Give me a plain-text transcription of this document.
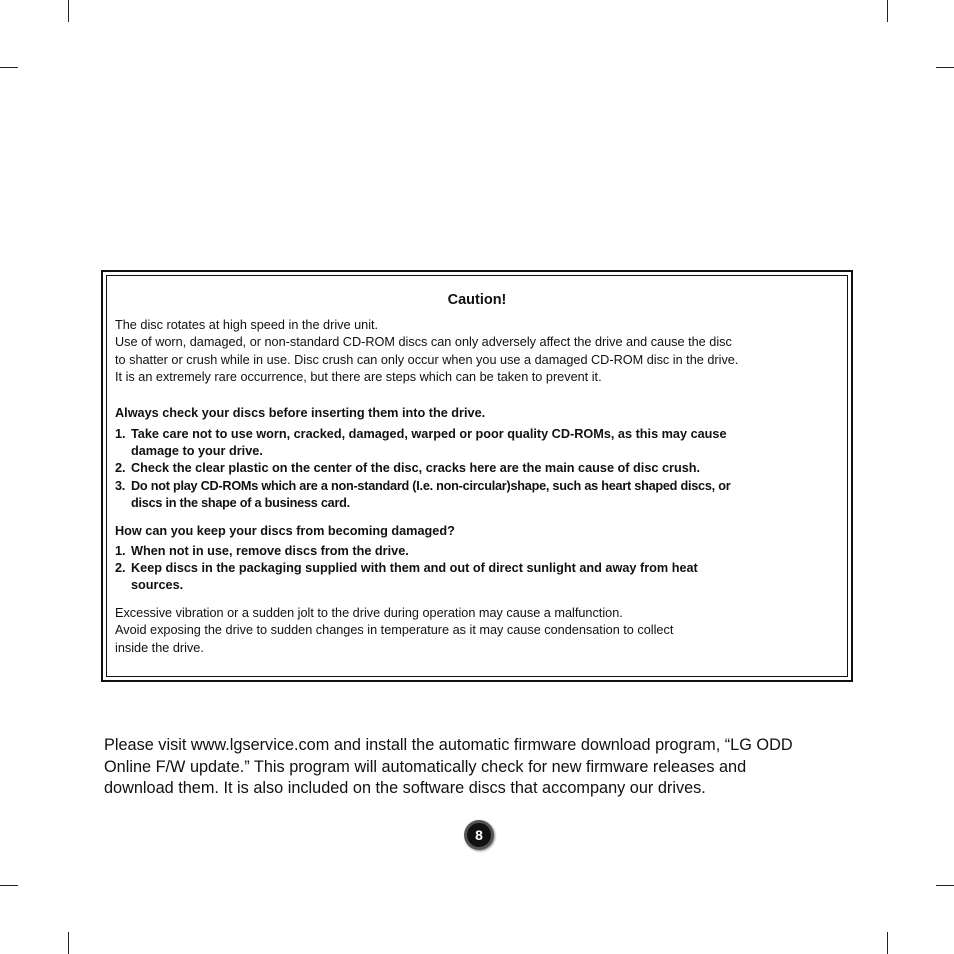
Caution!
The disc rotates at high speed in the drive unit.
Use of worn, damaged, or non-standard CD-ROM discs can only adversely affect the drive and cause the disc
to shatter or crush while in use. Disc crush can only occur when you use a damaged CD-ROM disc in the drive.
It is an extremely rare occurrence, but there are steps which can be taken to prevent it.
Always check your discs before inserting them into the drive.
1. Take care not to use worn, cracked, damaged, warped or poor quality CD-ROMs, as this may cause
damage to your drive.
2. Check the clear plastic on the center of the disc, cracks here are the main cause of disc crush.
3. Do not play CD-ROMs which are a non-standard (I.e. non-circular)shape, such as heart shaped discs, or
discs in the shape of a business card.
How can you keep your discs from becoming damaged?
1. When not in use, remove discs from the drive.
2. Keep discs in the packaging supplied with them and out of direct sunlight and away from heat
sources.
Excessive vibration or a sudden jolt to the drive during operation may cause a malfunction.
Avoid exposing the drive to sudden changes in temperature as it may cause condensation to collect
inside the drive.
Please visit www.lgservice.com and install the automatic firmware download program, “LG ODD
Online F/W update.” This program will automatically check for new firmware releases and
download them. It is also included on the software discs that accompany our drives.
8
